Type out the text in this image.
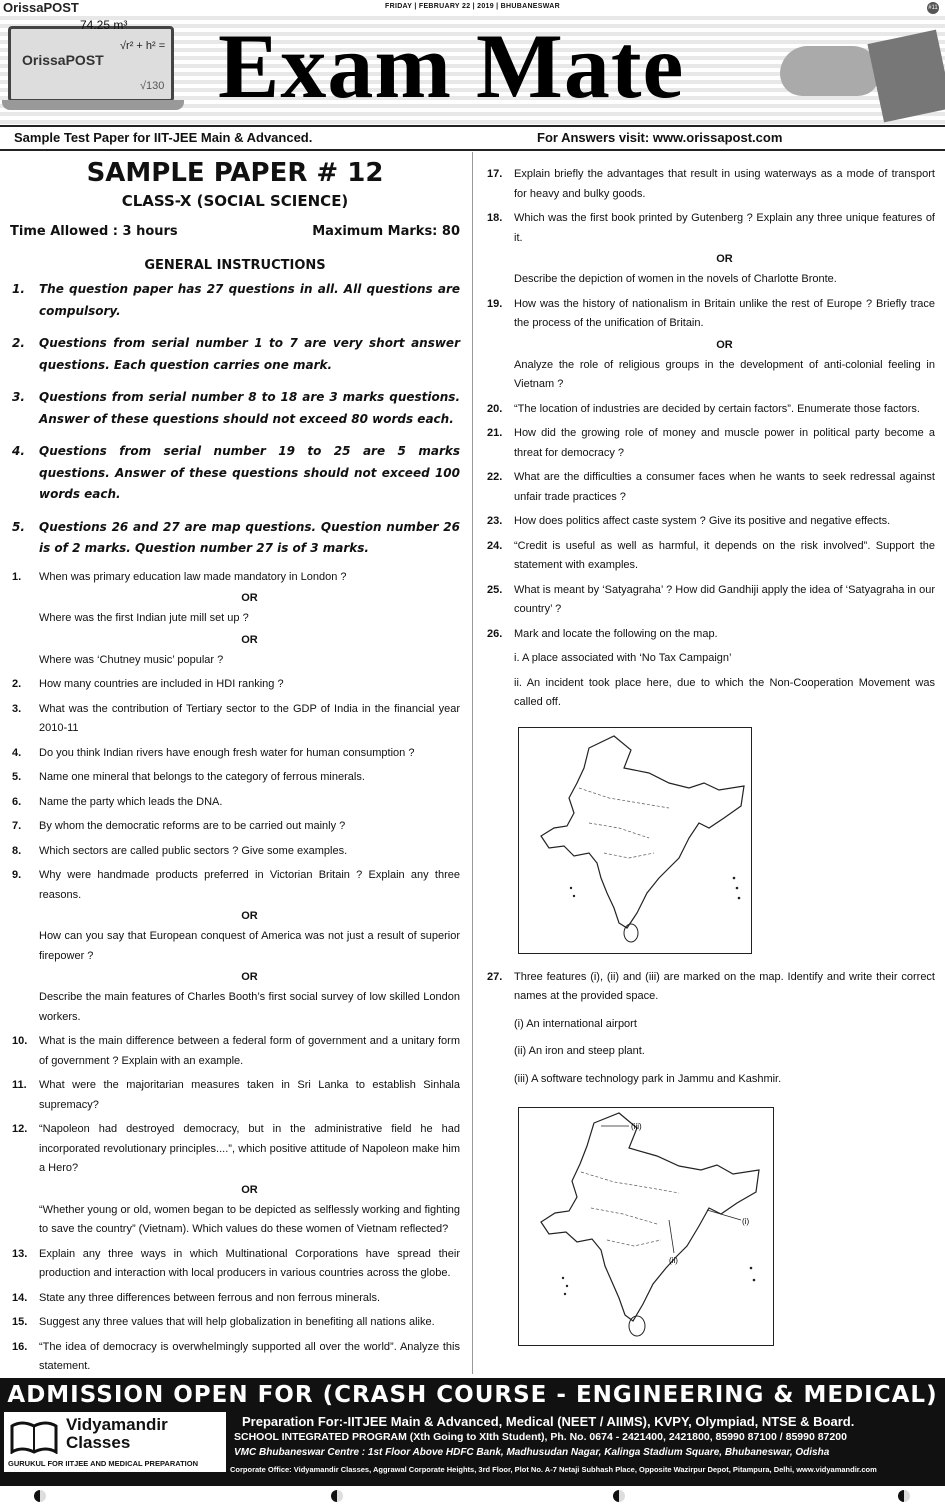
OrissaPOST	FRIDAY | FEBRUARY 22 | 2019 | BHUBANESWAR	#11
OrissaPOST
74.25 m³
√r² + h² =
√130 Exam Mate
Sample Test Paper for IIT-JEE Main & Advanced.	For Answers visit: www.orissapost.com
SAMPLE PAPER # 12
CLASS-X (SOCIAL SCIENCE)
Time Allowed : 3 hours	Maximum Marks: 80
GENERAL INSTRUCTIONS
1. The question paper has 27 questions in all. All questions are compulsory.
2. Questions from serial number 1 to 7 are very short answer questions. Each question carries one mark.
3. Questions from serial number 8 to 18 are 3 marks questions. Answer of these questions should not exceed 80 words each.
4. Questions from serial number 19 to 25 are 5 marks questions. Answer of these questions should not exceed 100 words each.
5. Questions 26 and 27 are map questions. Question number 26 is of 2 marks. Question number 27 is of 3 marks.
1. When was primary education law made mandatory in London ?
OR
Where was the first Indian jute mill set up ?
OR
Where was ‘Chutney music’ popular ?
2. How many countries are included in HDI ranking ?
3. What was the contribution of Tertiary sector to the GDP of India in the financial year 2010-11
4. Do you think Indian rivers have enough fresh water for human consumption ?
5. Name one mineral that belongs to the category of ferrous minerals.
6. Name the party which leads the DNA.
7. By whom the democratic reforms are to be carried out mainly ?
8. Which sectors are called public sectors ? Give some examples.
9. Why were handmade products preferred in Victorian Britain ? Explain any three reasons.
OR
How can you say that European conquest of America was not just a result of superior firepower ?
OR
Describe the main features of Charles Booth’s first social survey of low skilled London workers.
10. What is the main difference between a federal form of government and a unitary form of government ? Explain with an example.
11. What were the majoritarian measures taken in Sri Lanka to establish Sinhala supremacy?
12. “Napoleon had destroyed democracy, but in the administrative field he had incorporated revolutionary principles....”, which positive attitude of Napoleon make him a Hero?
OR
“Whether young or old, women began to be depicted as selflessly working and fighting to save the country” (Vietnam). Which values do these women of Vietnam reflected?
13. Explain any three ways in which Multinational Corporations have spread their production and interaction with local producers in various countries across the globe.
14. State any three differences between ferrous and non ferrous minerals.
15. Suggest any three values that will help globalization in benefiting all nations alike.
16. “The idea of democracy is overwhelmingly supported all over the world”. Analyze this statement.
17. Explain briefly the advantages that result in using waterways as a mode of transport for heavy and bulky goods.
18. Which was the first book printed by Gutenberg ? Explain any three unique features of it.
OR
Describe the depiction of women in the novels of Charlotte Bronte.
19. How was the history of nationalism in Britain unlike the rest of Europe ? Briefly trace the process of the unification of Britain.
OR
Analyze the role of religious groups in the development of anti-colonial feeling in Vietnam ?
20. “The location of industries are decided by certain factors”. Enumerate those factors.
21. How did the growing role of money and muscle power in political party become a threat for democracy ?
22. What are the difficulties a consumer faces when he wants to seek redressal against unfair trade practices ?
23. How does politics affect caste system ? Give its positive and negative effects.
24. “Credit is useful as well as harmful, it depends on the risk involved”. Support the statement with examples.
25. What is meant by ‘Satyagraha’ ? How did Gandhiji apply the idea of ‘Satyagraha in our country’ ?
26. Mark and locate the following on the map.
i. A place associated with ‘No Tax Campaign’
ii. An incident took place here, due to which the Non-Cooperation Movement was called off.
27. Three features (i), (ii) and (iii) are marked on the map. Identify and write their correct names at the provided space.
(i) An international airport
(ii) An iron and steep plant.
(iii) A software technology park in Jammu and Kashmir.
(iii)
(i)
(ii)
ADMISSION OPEN FOR (CRASH COURSE - ENGINEERING & MEDICAL)
Vidyamandir Classes
GURUKUL FOR IITJEE AND MEDICAL PREPARATION
Preparation For:-IITJEE Main & Advanced, Medical (NEET / AIIMS), KVPY, Olympiad, NTSE & Board.
SCHOOL INTEGRATED PROGRAM (Xth Going to XIth Student), Ph. No. 0674 - 2421400, 2421800, 85990 87100 / 85990 87200
VMC Bhubaneswar Centre : 1st Floor Above HDFC Bank, Madhusudan Nagar, Kalinga Stadium Square, Bhubaneswar, Odisha
Corporate Office: Vidyamandir Classes, Aggrawal Corporate Heights, 3rd Floor, Plot No. A-7 Netaji Subhash Place, Opposite Wazirpur Depot, Pitampura, Delhi, www.vidyamandir.com
